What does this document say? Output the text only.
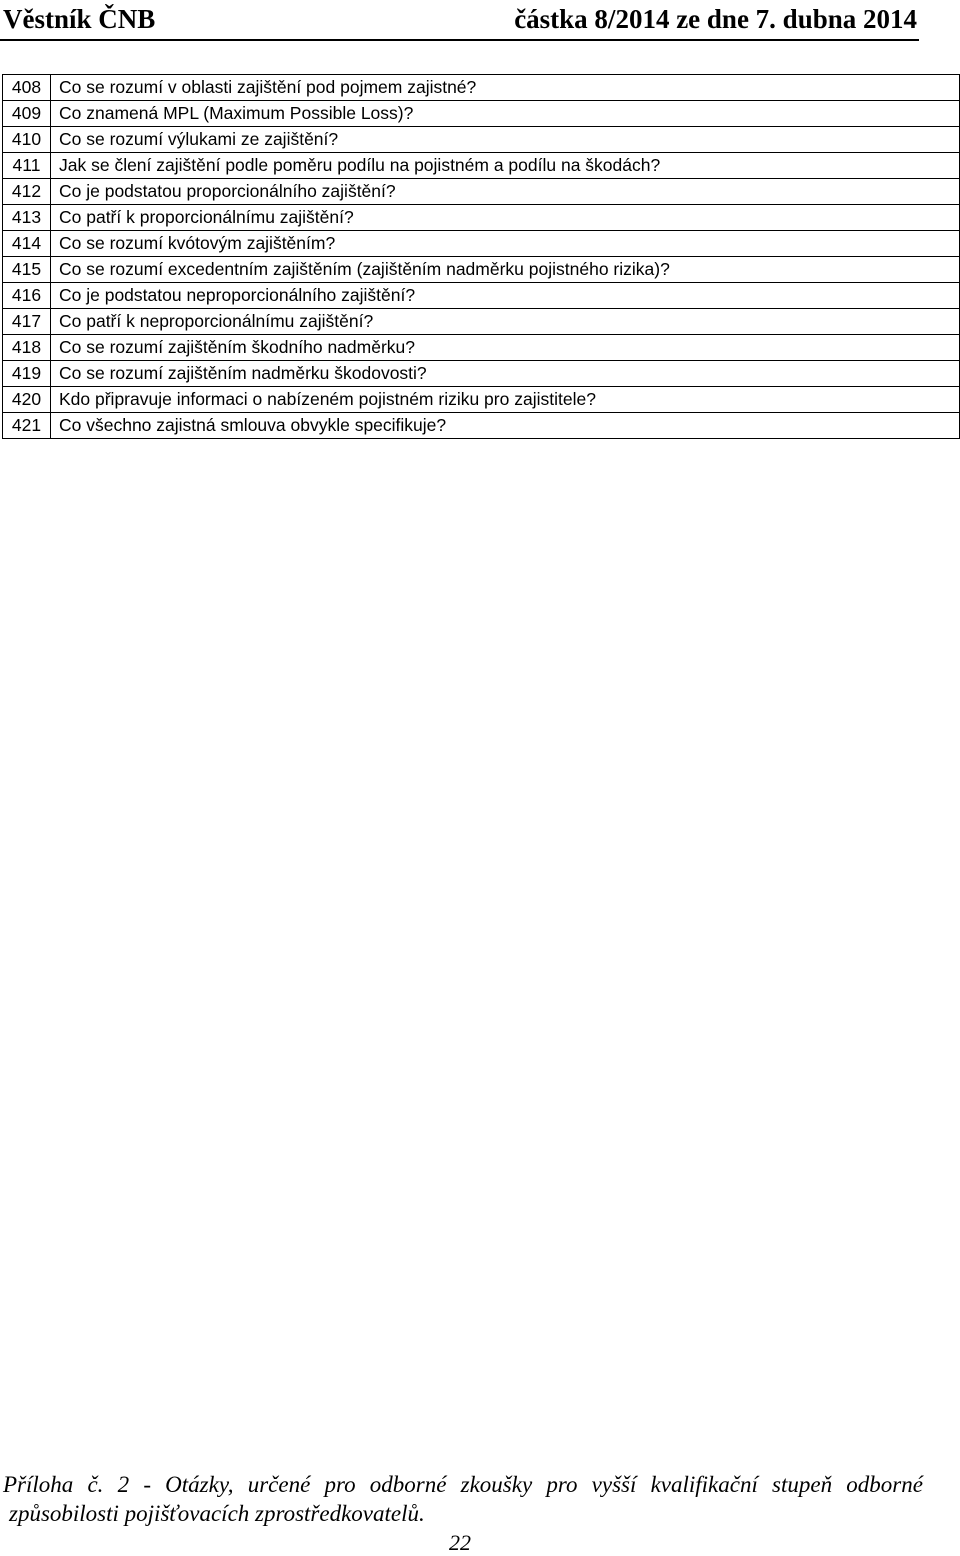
Věstník ČNB	částka 8/2014 ze dne 7. dubna 2014
408	Co se rozumí v oblasti zajištění pod pojmem zajistné?
409	Co znamená MPL (Maximum Possible Loss)?
410	Co se rozumí výlukami ze zajištění?
411	Jak se člení zajištění podle poměru podílu na pojistném a podílu na škodách?
412	Co je podstatou proporcionálního zajištění?
413	Co patří k proporcionálnímu zajištění?
414	Co se rozumí kvótovým zajištěním?
415	Co se rozumí excedentním zajištěním (zajištěním nadměrku pojistného rizika)?
416	Co je podstatou neproporcionálního zajištění?
417	Co patří k neproporcionálnímu zajištění?
418	Co se rozumí zajištěním škodního nadměrku?
419	Co se rozumí zajištěním nadměrku škodovosti?
420	Kdo připravuje informaci o nabízeném pojistném riziku pro zajistitele?
421	Co všechno zajistná smlouva obvykle specifikuje?
Příloha č. 2 - Otázky, určené pro odborné zkoušky pro vyšší kvalifikační stupeň odborné
způsobilosti pojišťovacích zprostředkovatelů.
22
